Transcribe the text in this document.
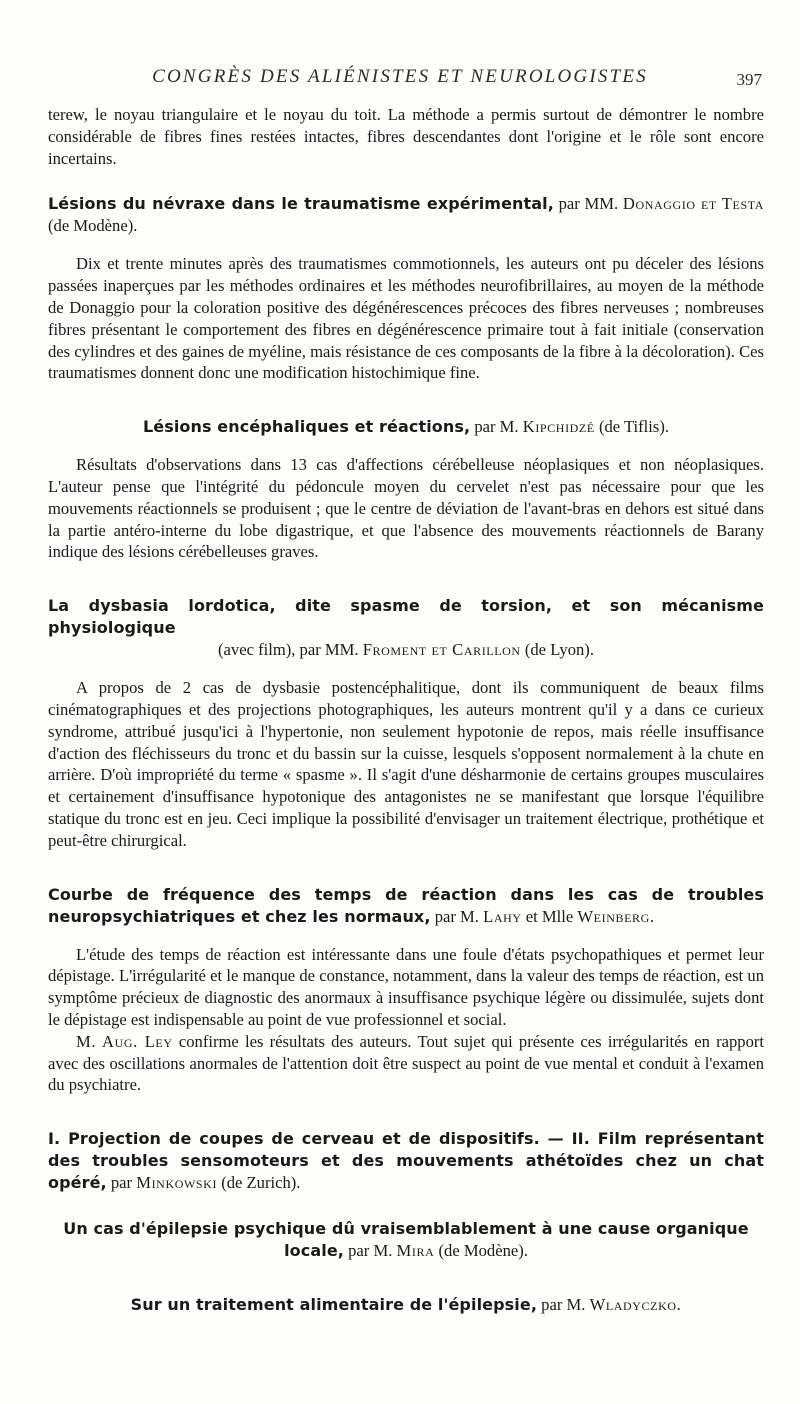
CONGRÈS DES ALIÉNISTES ET NEUROLOGISTES	397

terew, le noyau triangulaire et le noyau du toit. La méthode a permis surtout de démontrer le nombre considérable de fibres fines restées intactes, fibres descendantes dont l'origine et le rôle sont encore incertains.

Lésions du névraxe dans le traumatisme expérimental, par MM. Donaggio et Testa (de Modène).

Dix et trente minutes après des traumatismes commotionnels, les auteurs ont pu déceler des lésions passées inaperçues par les méthodes ordinaires et les méthodes neurofibrillaires, au moyen de la méthode de Donaggio pour la coloration positive des dégénérescences précoces des fibres nerveuses ; nombreuses fibres présentant le comportement des fibres en dégénérescence primaire tout à fait initiale (conservation des cylindres et des gaines de myéline, mais résistance de ces composants de la fibre à la décoloration). Ces traumatismes donnent donc une modification histochimique fine.

Lésions encéphaliques et réactions, par M. Kipchidzé (de Tiflis).

Résultats d'observations dans 13 cas d'affections cérébelleuse néoplasiques et non néoplasiques. L'auteur pense que l'intégrité du pédoncule moyen du cervelet n'est pas nécessaire pour que les mouvements réactionnels se produisent ; que le centre de déviation de l'avant-bras en dehors est situé dans la partie antéro-interne du lobe digastrique, et que l'absence des mouvements réactionnels de Barany indique des lésions cérébelleuses graves.

La dysbasia lordotica, dite spasme de torsion, et son mécanisme physiologique

(avec film), par MM. Froment et Carillon (de Lyon).

A propos de 2 cas de dysbasie postencéphalitique, dont ils communiquent de beaux films cinématographiques et des projections photographiques, les auteurs montrent qu'il y a dans ce curieux syndrome, attribué jusqu'ici à l'hypertonie, non seulement hypotonie de repos, mais réelle insuffisance d'action des fléchisseurs du tronc et du bassin sur la cuisse, lesquels s'opposent normalement à la chute en arrière. D'où impropriété du terme « spasme ». Il s'agit d'une désharmonie de certains groupes musculaires et certainement d'insuffisance hypotonique des antagonistes ne se manifestant que lorsque l'équilibre statique du tronc est en jeu. Ceci implique la possibilité d'envisager un traitement électrique, prothétique et peut-être chirurgical.

Courbe de fréquence des temps de réaction dans les cas de troubles neuropsychiatriques et chez les normaux, par M. Lahy et Mlle Weinberg.

L'étude des temps de réaction est intéressante dans une foule d'états psychopathiques et permet leur dépistage. L'irrégularité et le manque de constance, notamment, dans la valeur des temps de réaction, est un symptôme précieux de diagnostic des anormaux à insuffisance psychique légère ou dissimulée, sujets dont le dépistage est indispensable au point de vue professionnel et social.

M. Aug. Ley confirme les résultats des auteurs. Tout sujet qui présente ces irrégularités en rapport avec des oscillations anormales de l'attention doit être suspect au point de vue mental et conduit à l'examen du psychiatre.

I. Projection de coupes de cerveau et de dispositifs. — II. Film représentant des troubles sensomoteurs et des mouvements athétoïdes chez un chat opéré, par Minkowski (de Zurich).

Un cas d'épilepsie psychique dû vraisemblablement à une cause organique locale, par M. Mira (de Modène).

Sur un traitement alimentaire de l'épilepsie, par M. Wladyczko.
